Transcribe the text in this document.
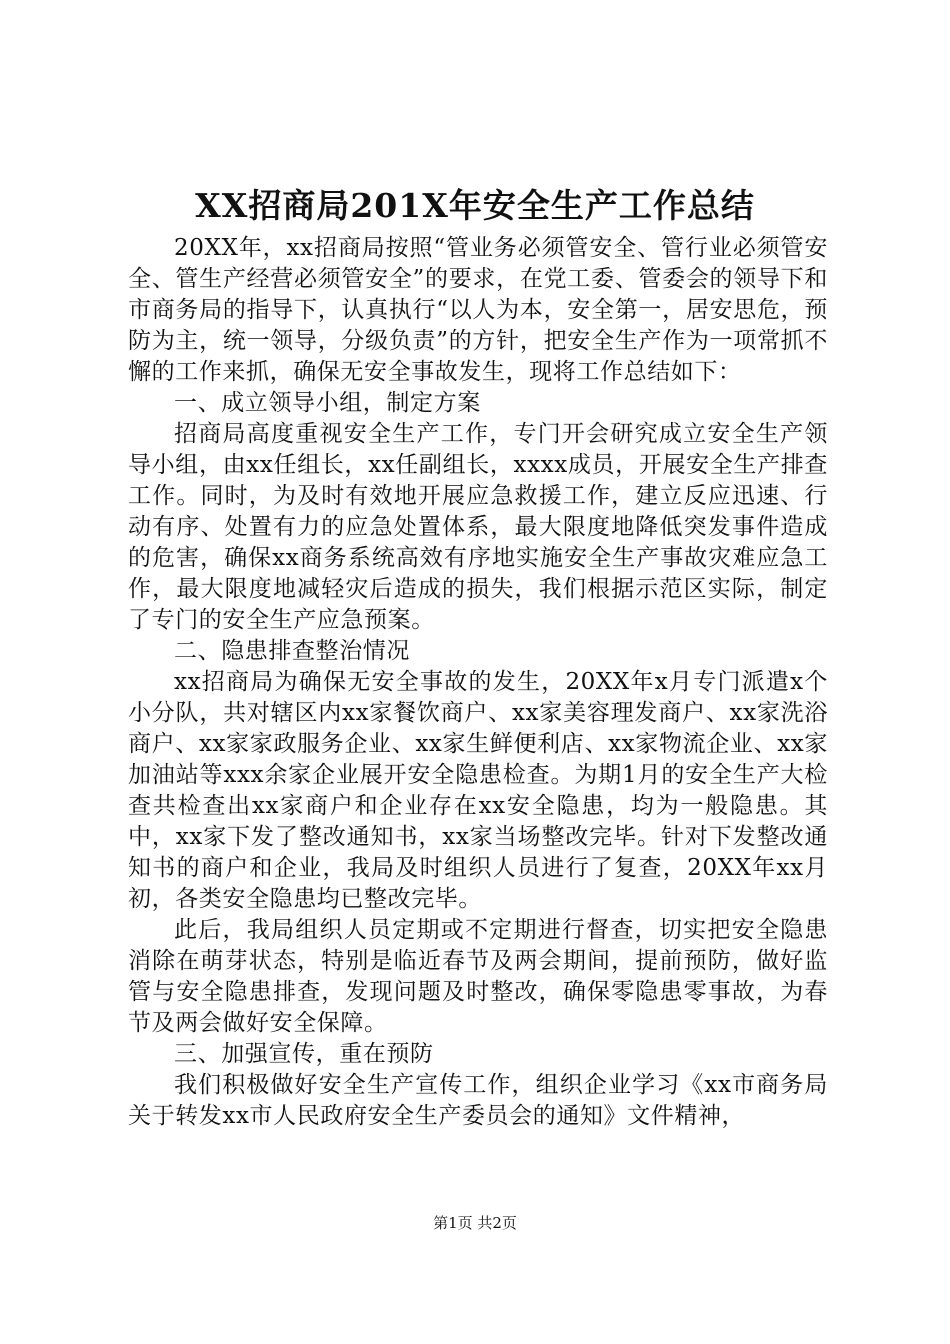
XX招商局201X年安全生产工作总结

20XX年，xx招商局按照“管业务必须管安全、管行业必须管安全、管生产经营必须管安全”的要求，在党工委、管委会的领导下和市商务局的指导下，认真执行“以人为本，安全第一，居安思危，预防为主，统一领导，分级负责”的方针，把安全生产作为一项常抓不懈的工作来抓，确保无安全事故发生，现将工作总结如下：

一、成立领导小组，制定方案

招商局高度重视安全生产工作，专门开会研究成立安全生产领导小组，由xx任组长，xx任副组长，xxxx成员，开展安全生产排查工作。同时，为及时有效地开展应急救援工作，建立反应迅速、行动有序、处置有力的应急处置体系，最大限度地降低突发事件造成的危害，确保xx商务系统高效有序地实施安全生产事故灾难应急工作，最大限度地减轻灾后造成的损失，我们根据示范区实际，制定了专门的安全生产应急预案。

二、隐患排查整治情况

xx招商局为确保无安全事故的发生，20XX年x月专门派遣x个小分队，共对辖区内xx家餐饮商户、xx家美容理发商户、xx家洗浴商户、xx家家政服务企业、xx家生鲜便利店、xx家物流企业、xx家加油站等xxx余家企业展开安全隐患检查。为期1月的安全生产大检查共检查出xx家商户和企业存在xx安全隐患，均为一般隐患。其中，xx家下发了整改通知书，xx家当场整改完毕。针对下发整改通知书的商户和企业，我局及时组织人员进行了复查，20XX年xx月初，各类安全隐患均已整改完毕。

此后，我局组织人员定期或不定期进行督查，切实把安全隐患消除在萌芽状态，特别是临近春节及两会期间，提前预防，做好监管与安全隐患排查，发现问题及时整改，确保零隐患零事故，为春节及两会做好安全保障。

三、加强宣传，重在预防

我们积极做好安全生产宣传工作，组织企业学习《xx市商务局关于转发xx市人民政府安全生产委员会的通知》文件精神，

第1页 共2页
